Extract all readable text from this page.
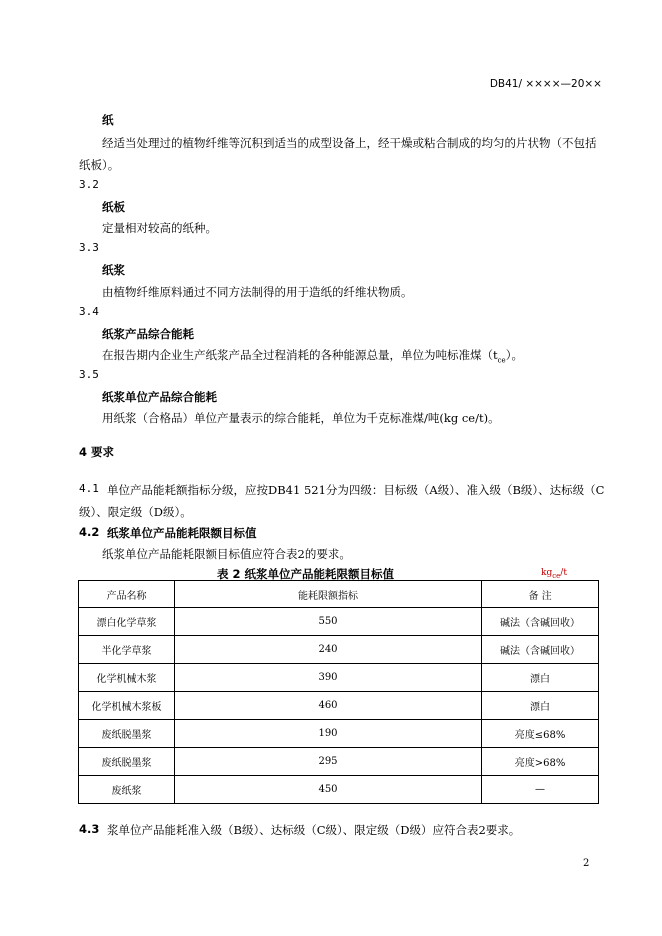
DB41/ ××××—20××
纸
经适当处理过的植物纤维等沉积到适当的成型设备上，经干燥或粘合制成的均匀的片状物（不包括
纸板）。
3.2
纸板
定量相对较高的纸种。
3.3
纸浆
由植物纤维原料通过不同方法制得的用于造纸的纤维状物质。
3.4
纸浆产品综合能耗
在报告期内企业生产纸浆产品全过程消耗的各种能源总量，单位为吨标准煤$(t_{ce})$。
3.5
纸浆单位产品综合能耗
用纸浆（合格品）单位产量表示的综合能耗，单位为千克标准煤/吨(kg ce/t)。
4 要求
4.1 单位产品能耗额指标分级，应按DB41 521分为四级：目标级（A级）、准入级（B级）、达标级（C
级）、限定级（D级）。
4.2 纸浆单位产品能耗限额目标值
纸浆单位产品能耗限额目标值应符合表2的要求。
表 2 纸浆单位产品能耗限额目标值	$kg_{ce}/t$
产品名称	能耗限额指标	备 注
漂白化学草浆	550	碱法（含碱回收）
半化学草浆	240	碱法（含碱回收）
化学机械木浆	390	漂白
化学机械木浆板	460	漂白
废纸脱墨浆	190	亮度≤68%
废纸脱墨浆	295	亮度>68%
废纸浆	450	—
4.3 浆单位产品能耗准入级（B级）、达标级（C级）、限定级（D级）应符合表2要求。
2
